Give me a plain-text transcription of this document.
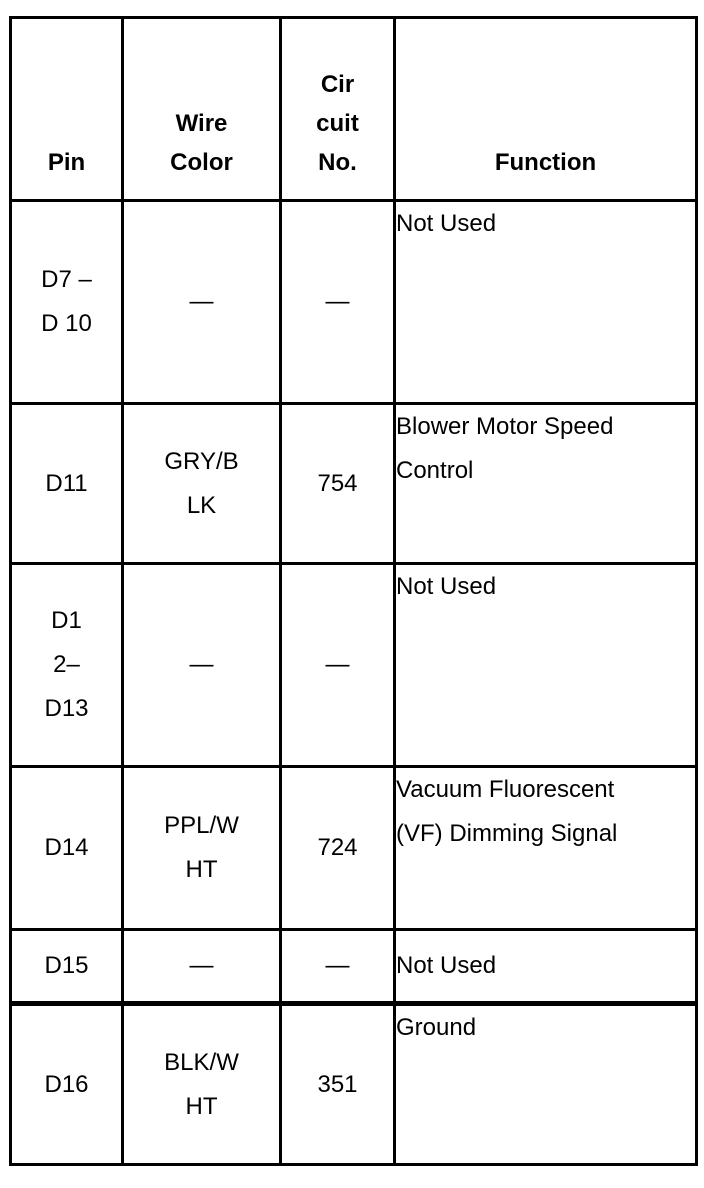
Pin	Wire Color	Cir cuit No.	Function

D7 –D 10	—	—	Not Used

D11	GRY/B LK	754	Blower Motor Speed Control

D1 2– D13	—	—	Not Used

D14	PPL/W HT	724	Vacuum Fluorescent (VF) Dimming Signal

D15	—	—	Not Used

D16	BLK/W HT	351	Ground
